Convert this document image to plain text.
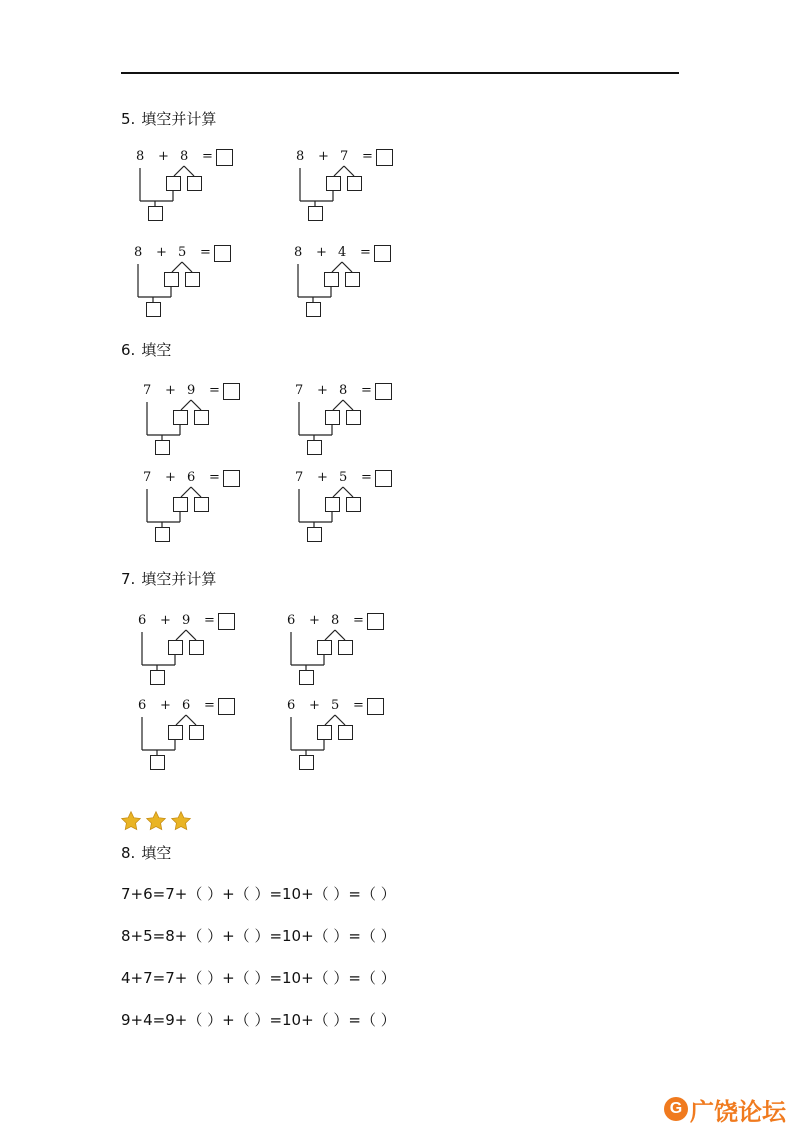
5. 填空并计算
8 + 8 =	8 + 7 =
8 + 5 =	8 + 4 =
6. 填空
7 + 9 =	7 + 8 =
7 + 6 =	7 + 5 =
7. 填空并计算
6 + 9 =	6 + 8 =
6 + 6 =	6 + 5 =
8. 填空
7+6=7+（ ）+（ ）=10+（ ）=（ ）
8+5=8+（ ）+（ ）=10+（ ）=（ ）
4+7=7+（ ）+（ ）=10+（ ）=（ ）
9+4=9+（ ）+（ ）=10+（ ）=（ ）
G 广饶论坛
